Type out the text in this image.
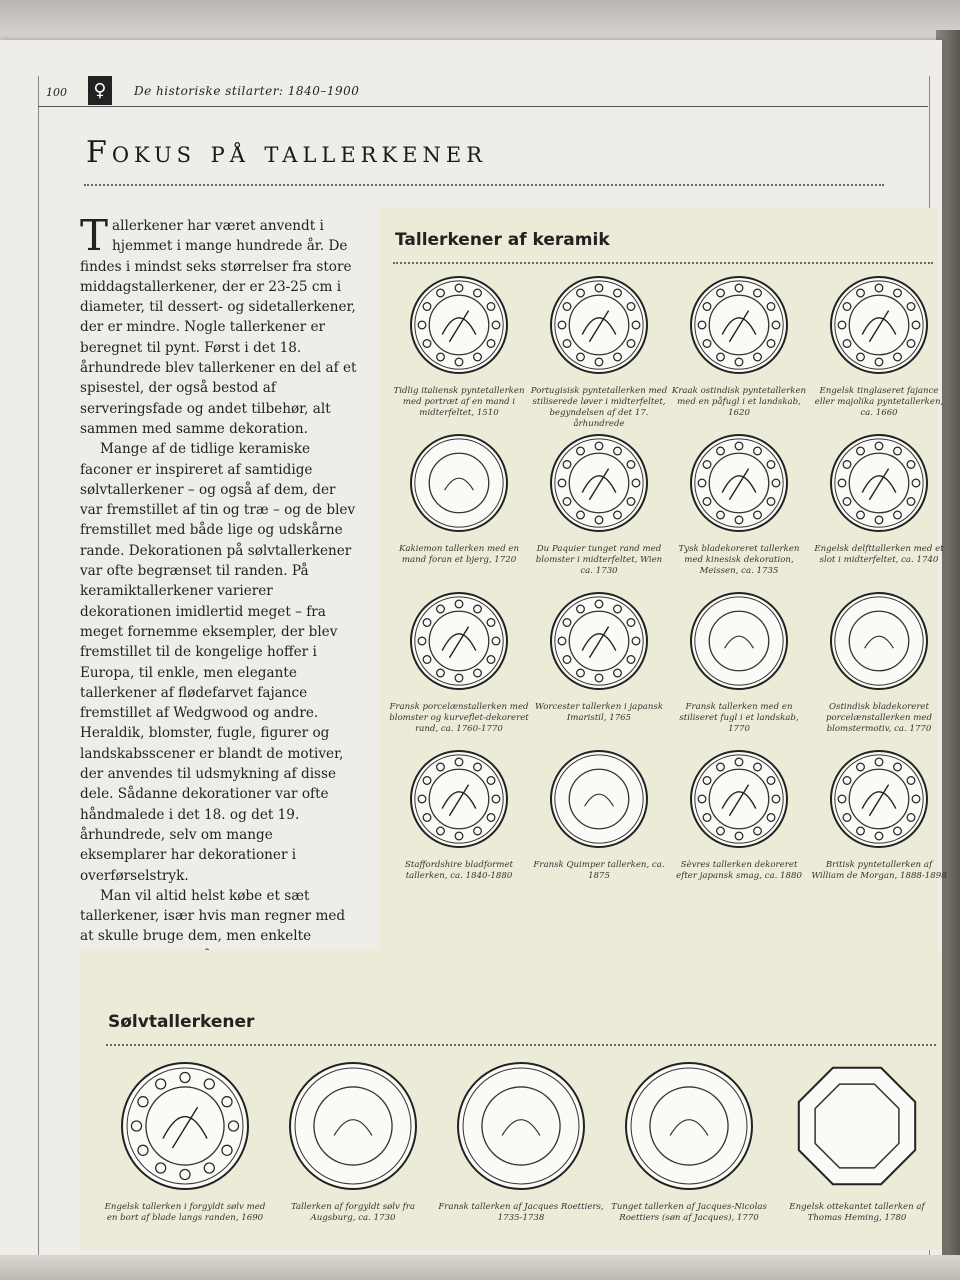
100	♀	De historiske stilarter: 1840–1900
Fokus på tallerkener

Tallerkener har været anvendt i hjemmet i mange hundrede år. De findes i mindst seks størrelser fra store middagstallerkener, der er 23-25 cm i diameter, til dessert- og sidetallerkener, der er mindre. Nogle tallerkener er beregnet til pynt. Først i det 18. århundrede blev tallerkener en del af et spisestel, der også bestod af serveringsfade og andet tilbehør, alt sammen med samme dekoration.

Mange af de tidlige keramiske faconer er inspireret af samtidige sølvtallerkener – og også af dem, der var fremstillet af tin og træ – og de blev fremstillet med både lige og udskårne rande. Dekorationen på sølvtallerkener var ofte begrænset til randen. På keramiktallerkener varierer dekorationen imidlertid meget – fra meget fornemme eksempler, der blev fremstillet til de kongelige hoffer i Europa, til enkle, men elegante tallerkener af flødefarvet fajance fremstillet af Wedgwood og andre. Heraldik, blomster, fugle, figurer og landskabsscener er blandt de motiver, der anvendes til udsmykning af disse dele. Sådanne dekorationer var ofte håndmalede i det 18. og det 19. århundrede, selv om mange eksemplarer har dekorationer i overførselstryk.

Man vil altid helst købe et sæt tallerkener, især hvis man regner med at skulle bruge dem, men enkelte

Tallerkener af keramik
Tidlig italiensk pyntetallerken med portræt af en mand i midterfeltet, 1510
Portugisisk pyntetallerken med stiliserede løver i midterfeltet, begyndelsen af det 17. århundrede
Kraak ostindisk pyntetallerken med en påfugl i et landskab, 1620
Engelsk tinglaseret fajance eller majolika pyntetallerken, ca. 1660
Kakiemon tallerken med en mand foran et bjerg, 1720
Du Paquier tunget rand med blomster i midterfeltet, Wien ca. 1730
Tysk bladekoreret tallerken med kinesisk dekoration, Meissen, ca. 1735
Engelsk delfttallerken med et slot i midterfeltet, ca. 1740
Fransk porcelænstallerken med blomster og kurveflet-dekoreret rand, ca. 1760-1770
Worcester tallerken i japansk Imaristil, 1765
Fransk tallerken med en stiliseret fugl i et landskab, 1770
Ostindisk bladekoreret porcelænstallerken med blomstermotiv, ca. 1770
Staffordshire bladformet tallerken, ca. 1840-1880
Fransk Quimper tallerken, ca. 1875
Sèvres tallerken dekoreret efter japansk smag, ca. 1880
Britisk pyntetallerken af William de Morgan, 1888-1898
Sølvtallerkener
Engelsk tallerken i forgyldt sølv med en bort af blade langs randen, 1690
Tallerken af forgyldt sølv fra Augsburg, ca. 1730
Fransk tallerken af Jacques Roettiers, 1735-1738
Tunget tallerken af Jacques-Nicolas Roettiers (søn af Jacques), 1770
Engelsk ottekantet tallerken af Thomas Heming, 1780
